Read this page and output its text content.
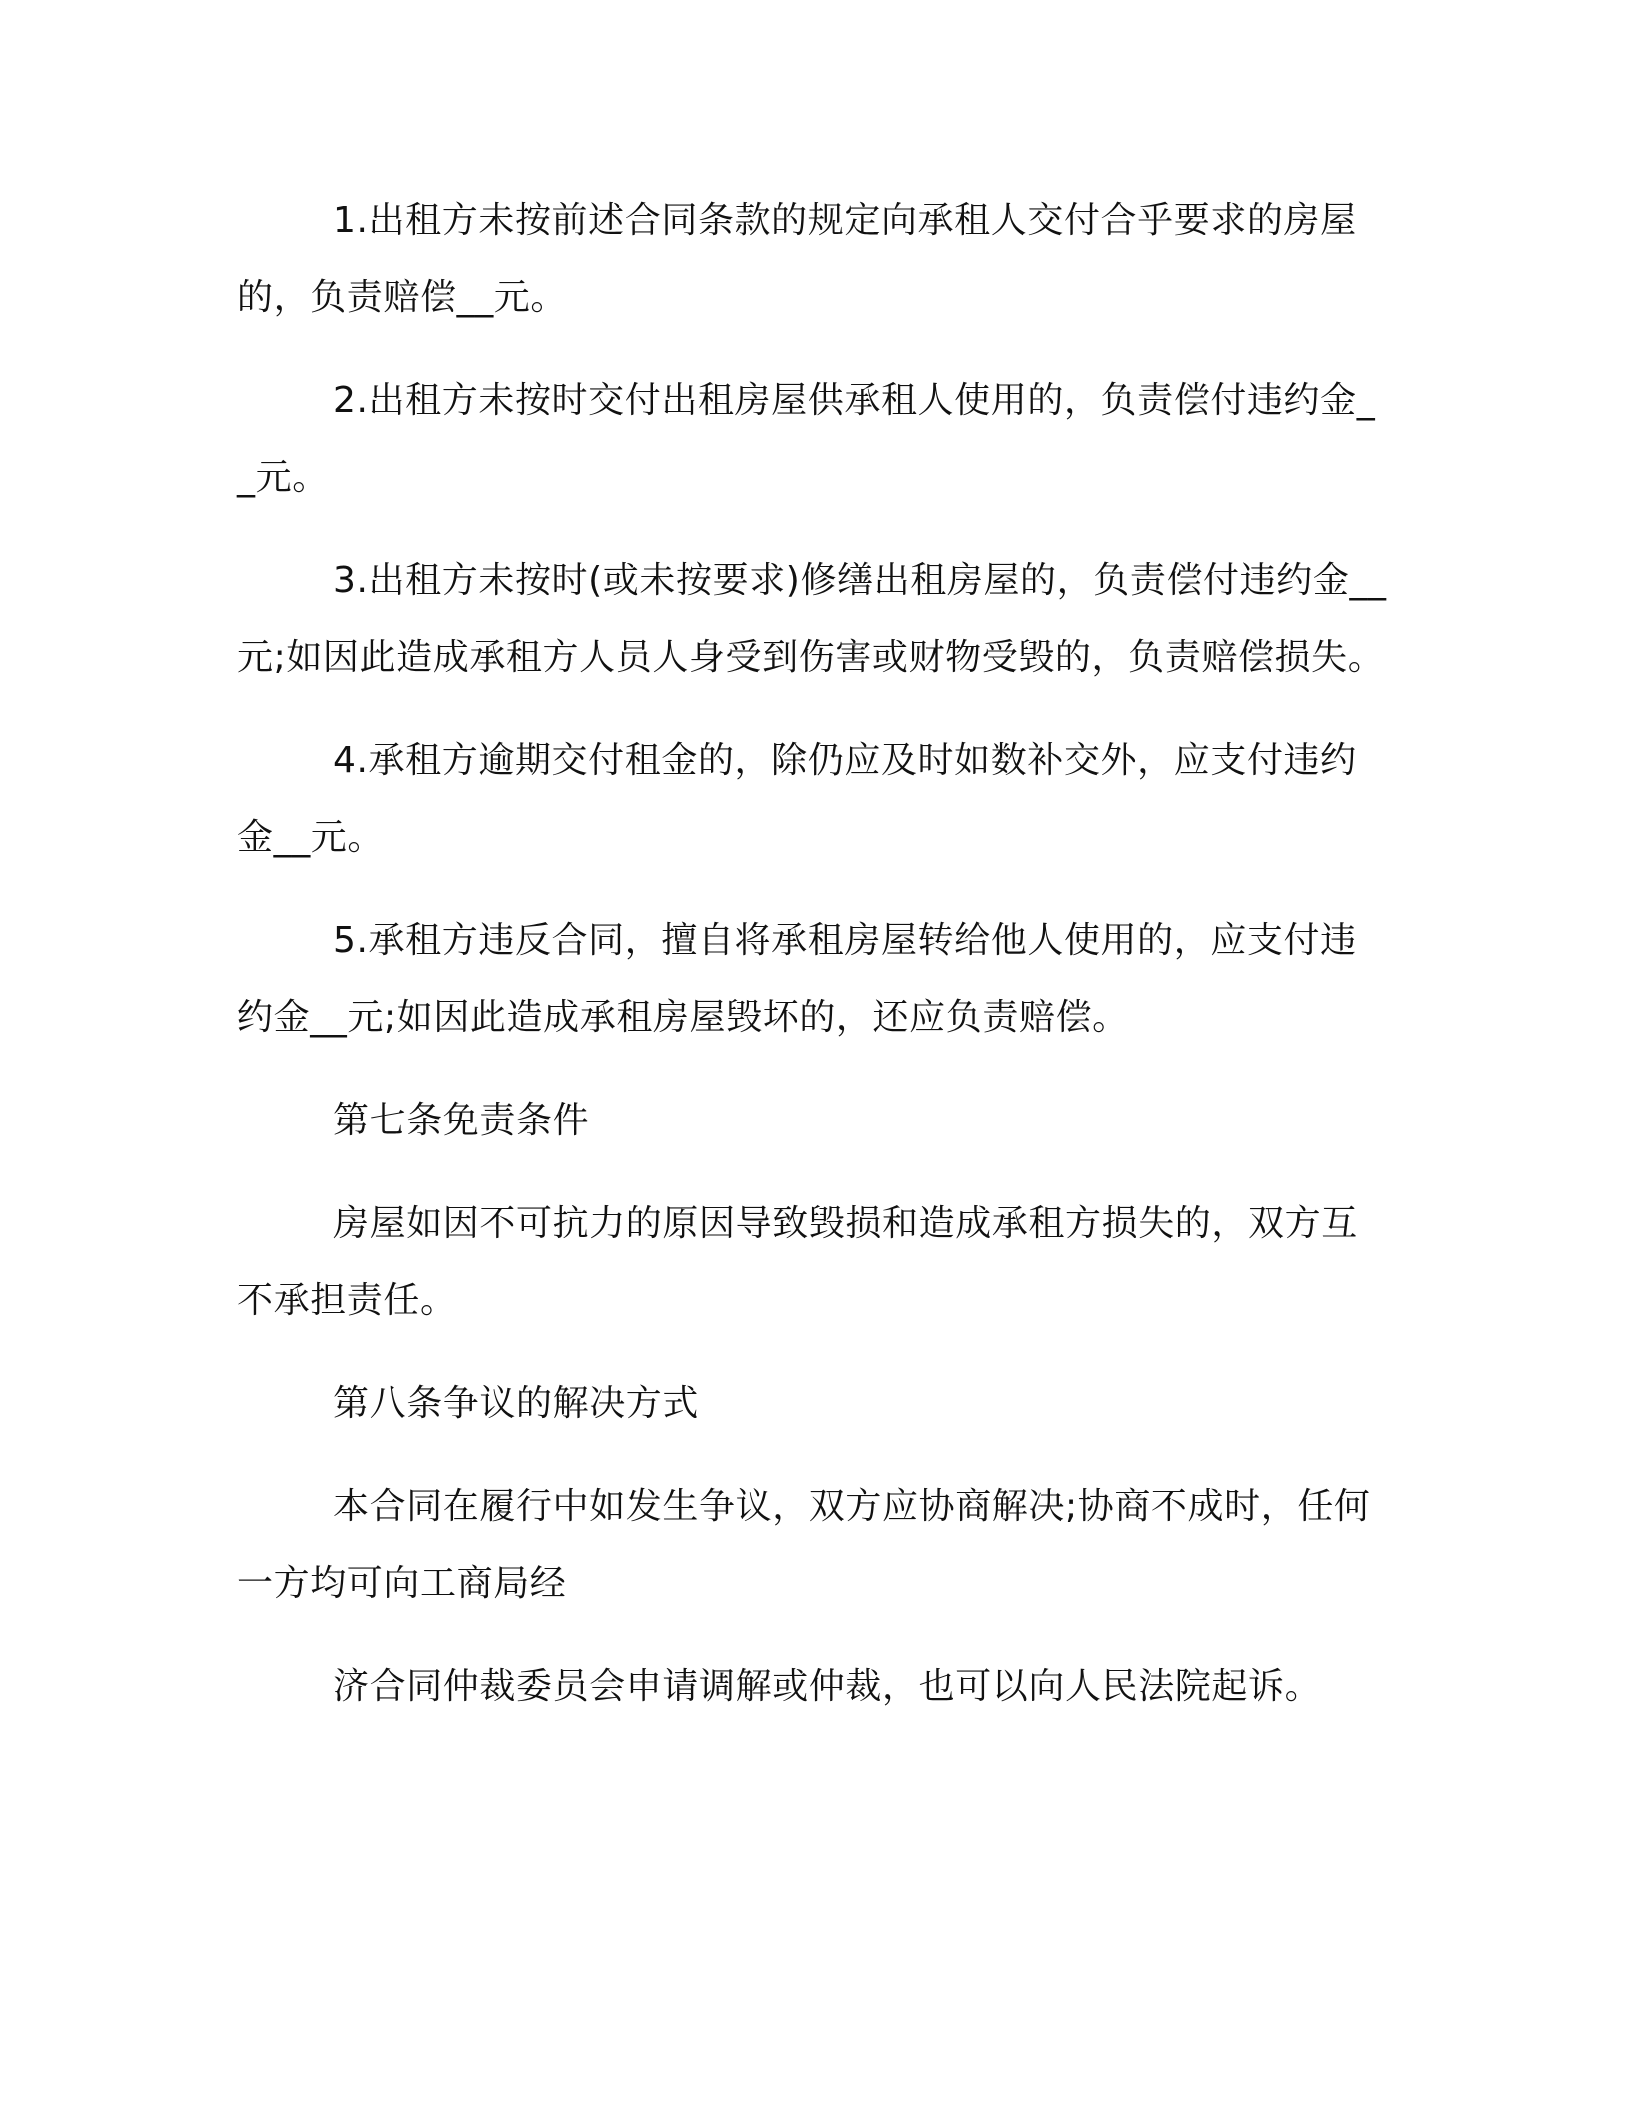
1.出租方未按前述合同条款的规定向承租人交付合乎要求的房屋的，负责赔偿__元。

2.出租方未按时交付出租房屋供承租人使用的，负责偿付违约金__元。

3.出租方未按时(或未按要求)修缮出租房屋的，负责偿付违约金__元;如因此造成承租方人员人身受到伤害或财物受毁的，负责赔偿损失。

4.承租方逾期交付租金的，除仍应及时如数补交外，应支付违约金__元。

5.承租方违反合同，擅自将承租房屋转给他人使用的，应支付违约金__元;如因此造成承租房屋毁坏的，还应负责赔偿。

第七条免责条件

房屋如因不可抗力的原因导致毁损和造成承租方损失的，双方互不承担责任。

第八条争议的解决方式

本合同在履行中如发生争议，双方应协商解决;协商不成时，任何一方均可向工商局经

济合同仲裁委员会申请调解或仲裁，也可以向人民法院起诉。
